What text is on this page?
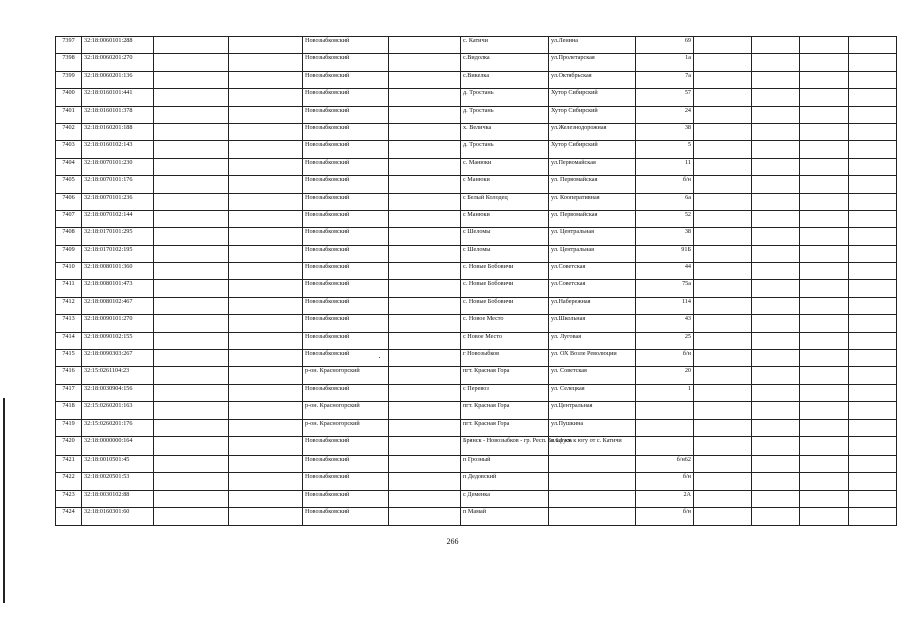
7397	32:18:0060101:288			Новозыбковский		с. Катичи	ул.Ленина	69				
7398	32:18:0060201:270			Новозыбковский		с.Видолка	ул.Пролетарская	1а				
7399	32:18:0060201:136			Новозыбковский		с.Викелка	ул.Октябрьская	7а				
7400	32:18:0160101:441			Новозыбковский		д. Тростань	Хутор Сибирский	57				
7401	32:18:0160101:378			Новозыбковский		д. Тростань	Хутор Сибирский	24				
7402	32:18:0160201:188			Новозыбковский		х. Величка	ул.Железнодорожная	38				
7403	32:18:0160102:143			Новозыбковский		д. Тростань	Хутор Сибирский	5				
7404	32:18:0070101:230			Новозыбковский		с. Манюки	ул.Первомайская	11				
7405	32:18:0070101:176			Новозыбковский		с Манюки	ул. Первомайская	б/н				
7406	32:18:0070101:236			Новозыбковский		с Белый Колодец	ул. Кооперативная	6а				
7407	32:18:0070102:144			Новозыбковский		с Манюки	ул. Первомайская	52				
7408	32:18:0170101:295			Новозыбковский		с Шеломы	ул. Центральная	38				
7409	32:18:0170102:195			Новозыбковский		с Шеломы	ул. Центральная	91Б				
7410	32:18:0080101:360			Новозыбковский		с. Новые Бобовичи	ул.Советская	44				
7411	32:18:0080101:473			Новозыбковский		с. Новые Бобовичи	ул.Советская	75а				
7412	32:18:0080102:467			Новозыбковский		с. Новые Бобовичи	ул.Набережная	114				
7413	32:18:0090101:270			Новозыбковский		с. Новое Место	ул.Школьная	43				
7414	32:18:0090102:155			Новозыбковский		с Новое Место	ул. Луговая	25				
7415	32:18:0090303:267			Новозыбковский		г Новозыбков	ул. ОХ Возле Революции	б/н				
7416	32:15:0261104:23			р-он. Красногорский		пгт. Красная Гора	ул. Советская	20				
7417	32:18:0030904:156			Новозыбковский		с Перевоз	ул. Селецкая	1				
7418	32:15:0260201:163			р-он. Красногорский		пгт. Красная Гора	ул.Центральная					
7419	32:15:0260201:176			р-он. Красногорский		пгт. Красная Гора	ул.Пушкина					
7420	32:18:0000000:164			Новозыбковский		Брянск - Новозыбков - гр. Респ. Беларусь	в 1.1 км к югу от с. Катичи					
7421	32:18:0010501:45			Новозыбковский		п Грозный		б/н62				
7422	32:18:0020501:53			Новозыбковский		п Дедовский		б/н				
7423	32:18:0030102:88			Новозыбковский		с Деменка		2А				
7424	32:18:0160301:60			Новозыбковский		п Мамай		б/н				
266
